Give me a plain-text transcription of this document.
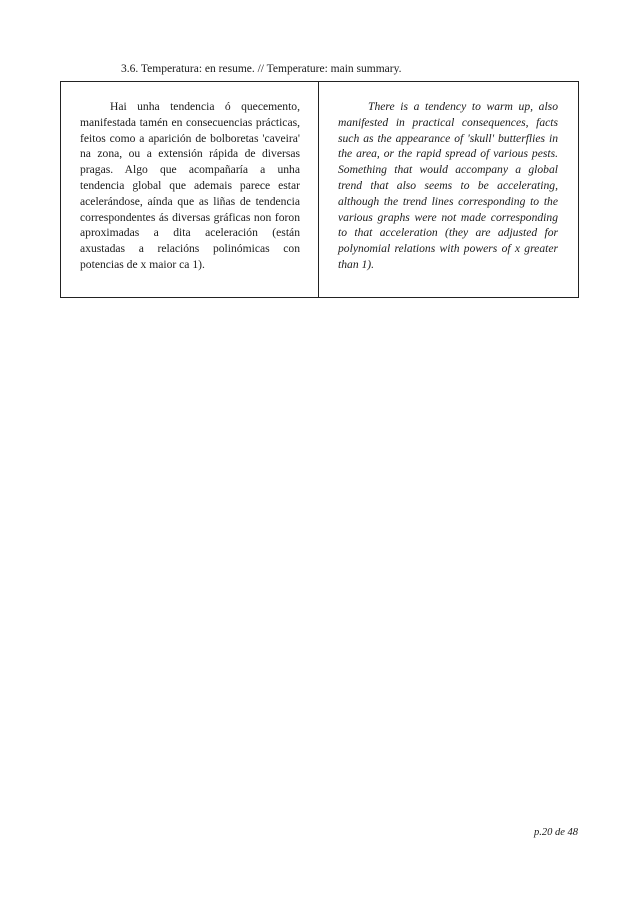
3.6. Temperatura: en resume. // Temperature: main summary.

Hai unha tendencia ó quecemento, manifestada tamén en consecuencias prácticas, feitos como a aparición de bolboretas 'caveira' na zona, ou a extensión rápida de diversas pragas. Algo que acompañaría a unha tendencia global que ademais parece estar acelerándose, aínda que as liñas de tendencia correspondentes ás diversas gráficas non foron aproximadas a dita aceleración (están axustadas a relacións polinómicas con potencias de x maior ca 1).

There is a tendency to warm up, also manifested in practical consequences, facts such as the appearance of 'skull' butterflies in the area, or the rapid spread of various pests. Something that would accompany a global trend that also seems to be accelerating, although the trend lines corresponding to the various graphs were not made corresponding to that acceleration (they are adjusted for polynomial relations with powers of x greater than 1).

p.20 de 48
